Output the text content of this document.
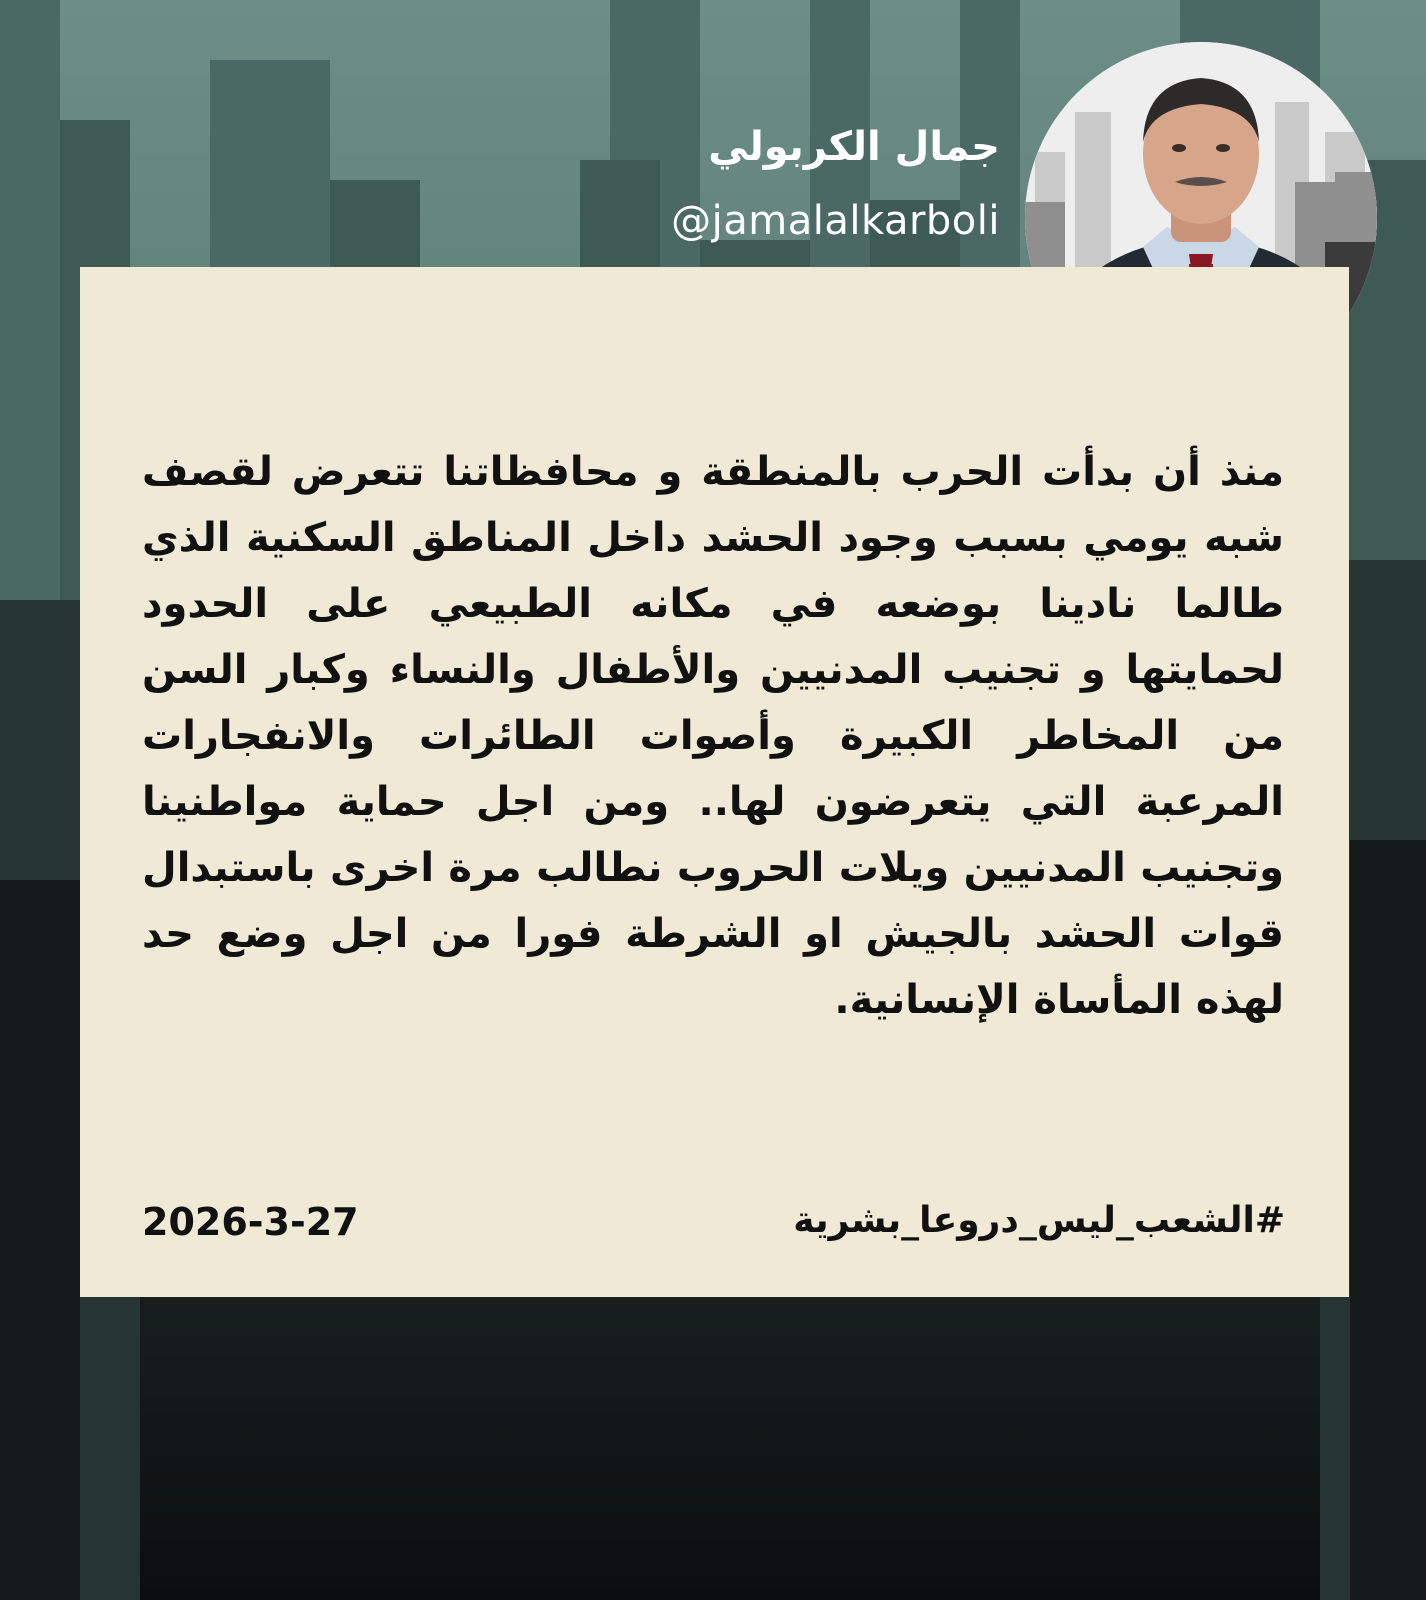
جمال الكربولي
@jamalalkarboli

منذ أن بدأت الحرب بالمنطقة و محافظاتنا تتعرض لقصف شبه يومي بسبب وجود الحشد داخل المناطق السكنية الذي طالما نادينا بوضعه في مكانه الطبيعي على الحدود لحمايتها و تجنيب المدنيين والأطفال والنساء وكبار السن من المخاطر الكبيرة وأصوات الطائرات والانفجارات المرعبة التي يتعرضون لها.. ومن اجل حماية مواطنينا وتجنيب المدنيين ويلات الحروب نطالب مرة اخرى باستبدال قوات الحشد بالجيش او الشرطة فورا من اجل وضع حد لهذه المأساة الإنسانية.

#الشعب_ليس_دروعا_بشرية
2026-3-27
